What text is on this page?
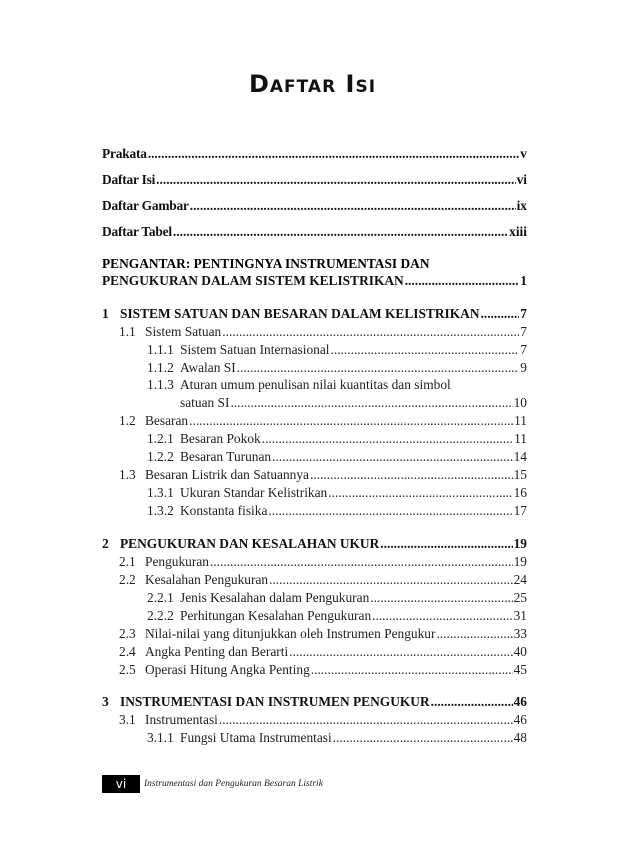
Daftar Isi
Prakata .....	v
Daftar Isi .....	vi
Daftar Gambar .....	ix
Daftar Tabel .....	xiii
PENGANTAR: PENTINGNYA INSTRUMENTASI DAN
PENGUKURAN DALAM SISTEM KELISTRIKAN .....	1
1 SISTEM SATUAN DAN BESARAN DALAM KELISTRIKAN .....	7
1.1 Sistem Satuan .....	7
1.1.1 Sistem Satuan Internasional .....	7
1.1.2 Awalan SI .....	9
1.1.3 Aturan umum penulisan nilai kuantitas dan simbol
satuan SI .....	10
1.2 Besaran .....	11
1.2.1 Besaran Pokok .....	11
1.2.2 Besaran Turunan .....	14
1.3 Besaran Listrik dan Satuannya .....	15
1.3.1 Ukuran Standar Kelistrikan .....	16
1.3.2 Konstanta fisika .....	17
2 PENGUKURAN DAN KESALAHAN UKUR .....	19
2.1 Pengukuran .....	19
2.2 Kesalahan Pengukuran .....	24
2.2.1 Jenis Kesalahan dalam Pengukuran .....	25
2.2.2 Perhitungan Kesalahan Pengukuran .....	31
2.3 Nilai-nilai yang ditunjukkan oleh Instrumen Pengukur .....	33
2.4 Angka Penting dan Berarti .....	40
2.5 Operasi Hitung Angka Penting .....	45
3 INSTRUMENTASI DAN INSTRUMEN PENGUKUR .....	46
3.1 Instrumentasi .....	46
3.1.1 Fungsi Utama Instrumentasi .....	48
vi	Instrumentasi dan Pengukuran Besaran Listrik
